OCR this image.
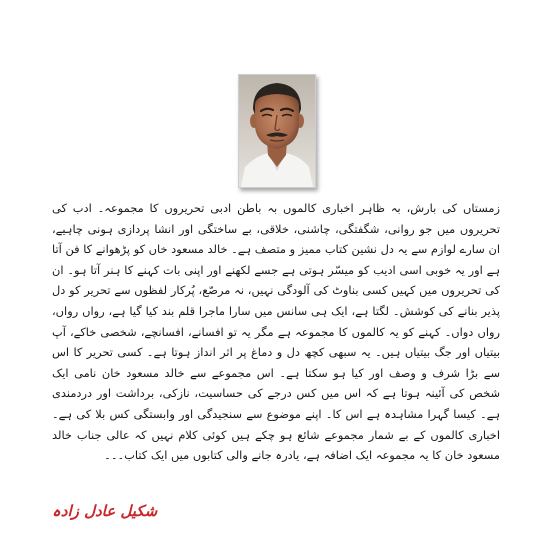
زمستاں کی بارش، بہ ظاہر اخباری کالموں بہ باطن ادبی تحریروں کا مجموعہ۔ ادب کی تحریروں میں جو روانی، شگفتگی، چاشنی، خلاقی، بے ساختگی اور انشا پردازی ہونی چاہیے، ان سارے لوازم سے یہ دل نشین کتاب ممیز و متصف ہے۔ خالد مسعود خاں کو پڑھوانے کا فن آتا ہے اور یہ خوبی اسی ادیب کو میسّر ہوتی ہے جسے لکھنے اور اپنی بات کہنے کا ہنر آتا ہو۔ ان کی تحریروں میں کہیں کسی بناوٹ کی آلودگی نہیں، نہ مرصّع، پُرکار لفظوں سے تحریر کو دل پذیر بنانے کی کوشش۔ لگتا ہے، ایک ہی سانس میں سارا ماجرا قلم بند کیا گیا ہے، رواں رواں، رواں دواں۔ کہنے کو یہ کالموں کا مجموعہ ہے مگر یہ تو افسانے، افسانچے، شخصی خاکے، آپ بیتیاں اور جگ بیتیاں ہیں۔ یہ سبھی کچھ دل و دماغ پر اثر انداز ہوتا ہے۔ کسی تحریر کا اس سے بڑا شرف و وصف اور کیا ہو سکتا ہے۔ اس مجموعے سے خالد مسعود خان نامی ایک شخص کی آئینہ ہوتا ہے کہ اس میں کس درجے کی حساسیت، نازکی، برداشت اور دردمندی ہے۔ کیسا گہرا مشاہدہ ہے اس کا۔ اپنے موضوع سے سنجیدگی اور وابستگی کس بلا کی ہے۔ اخباری کالموں کے بے شمار مجموعے شائع ہو چکے ہیں کوئی کلام نہیں کہ عالی جناب خالد مسعود خان کا یہ مجموعہ ایک اضافہ ہے، یادرہ جانے والی کتابوں میں ایک کتاب۔۔۔
شکیل عادل زادہ
